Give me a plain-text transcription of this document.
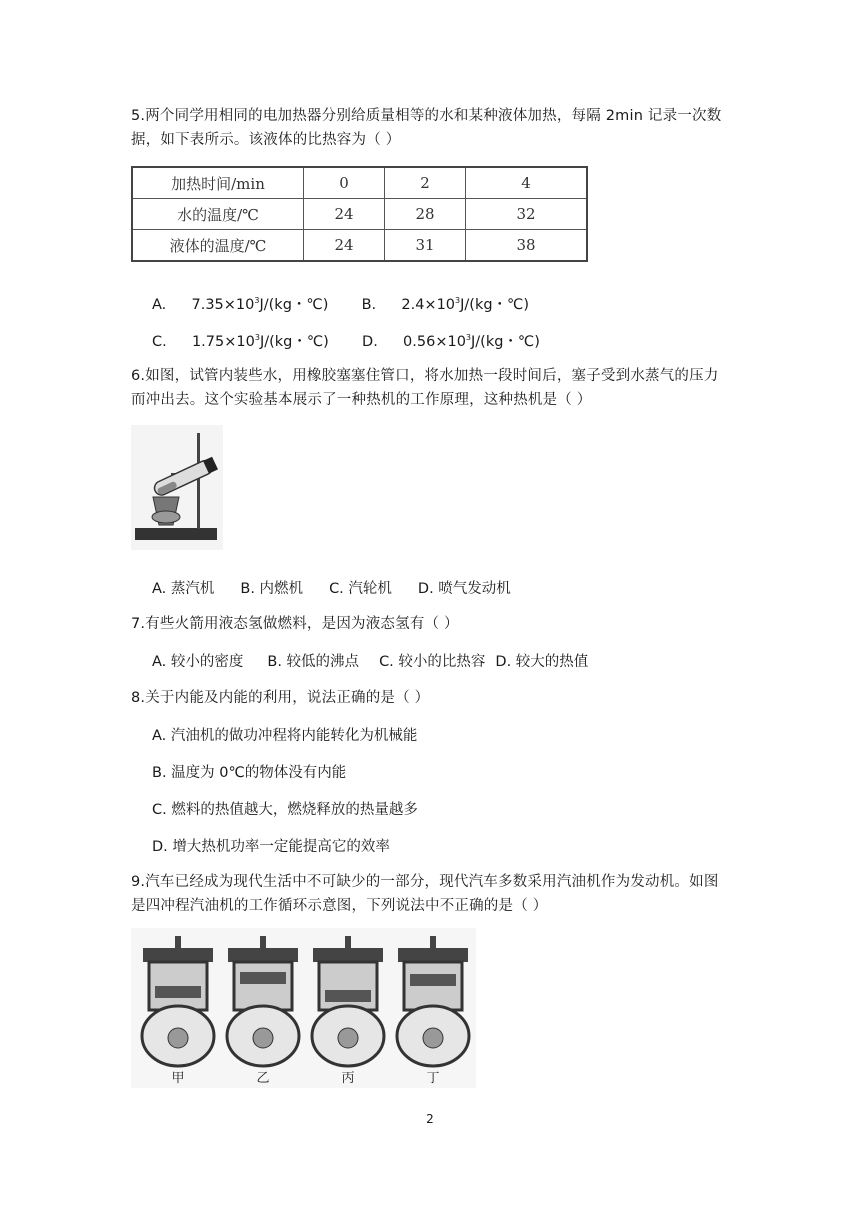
5.两个同学用相同的电加热器分别给质量相等的水和某种液体加热，每隔 2min 记录一次数

据，如下表所示。该液体的比热容为（ ）

加热时间/min	0	2	4
水的温度/℃	24	28	32
液体的温度/℃	24	31	38
A. $7.35\times 10^3J/(kg$・℃) B. $2.4\times 10^3J/(kg$・℃)
C. $1.75\times 10^3J/(kg$・℃) D. $0.56\times 10^3J/(kg$・℃)

6.如图，试管内装些水，用橡胶塞塞住管口，将水加热一段时间后，塞子受到水蒸气的压力

而冲出去。这个实验基本展示了一种热机的工作原理，这种热机是（ ）

A. 蒸汽机 B. 内燃机 C. 汽轮机 D. 喷气发动机

7.有些火箭用液态氢做燃料，是因为液态氢有（ ）

A. 较小的密度 B. 较低的沸点 C. 较小的比热容 D. 较大的热值

8.关于内能及内能的利用，说法正确的是（ ）

A. 汽油机的做功冲程将内能转化为机械能
B. 温度为 0℃的物体没有内能
C. 燃料的热值越大，燃烧释放的热量越多
D. 增大热机功率一定能提高它的效率

9.汽车已经成为现代生活中不可缺少的一部分，现代汽车多数采用汽油机作为发动机。如图

是四冲程汽油机的工作循环示意图，下列说法中不正确的是（ ）

甲	乙	丙	丁
2
